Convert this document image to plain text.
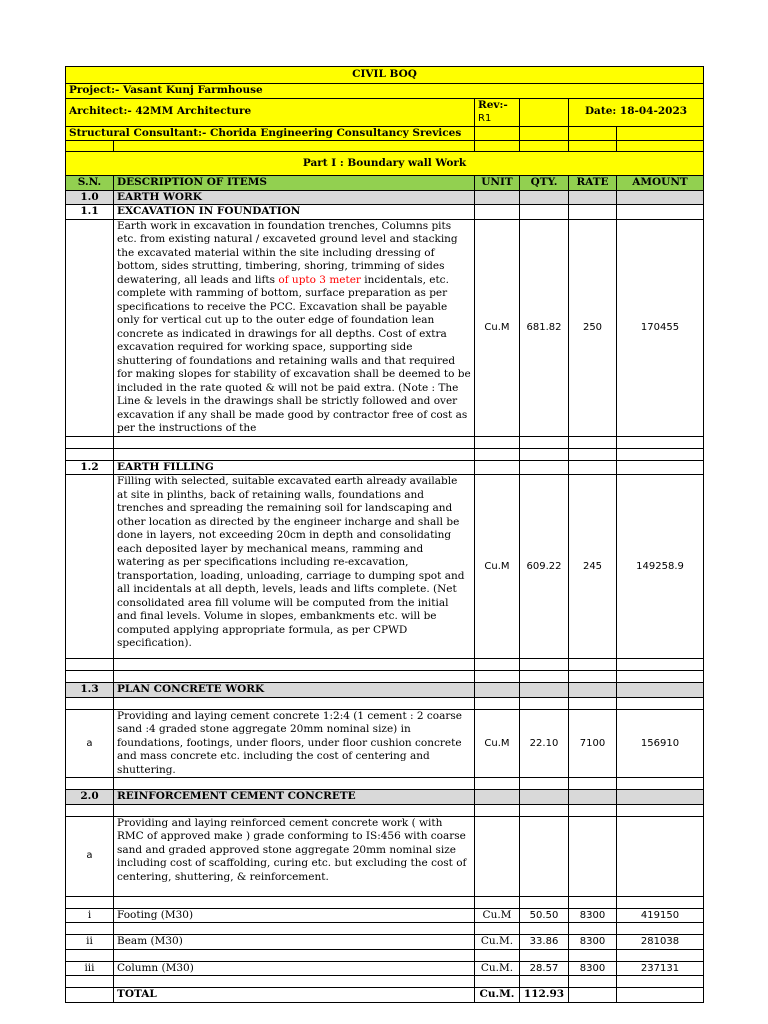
CIVIL BOQ					
Project:- Vasant Kunj Farmhouse					
Architect:- 42MM Architecture		Rev:- R1		Date: 18-04-2023	
Structural Consultant:- Chorida Engineering Consultancy Srevices					

Part I : Boundary wall Work					
S.N.	DESCRIPTION OF ITEMS	UNIT	QTY.	RATE	AMOUNT
1.0	EARTH WORK				
1.1	EXCAVATION IN FOUNDATION				
	Earth work in excavation in foundation trenches, Columns pits etc. from existing natural / excaveted ground level and stacking the excavated material within the site including dressing of bottom, sides strutting, timbering, shoring, trimming of sides dewatering, all leads and lifts of upto 3 meter incidentals, etc. complete with ramming of bottom, surface preparation as per specifications to receive the PCC. Excavation shall be payable only for vertical cut up to the outer edge of foundation lean concrete as indicated in drawings for all depths. Cost of extra excavation required for working space, supporting side shuttering of foundations and retaining walls and that required for making slopes for stability of excavation shall be deemed to be included in the rate quoted & will not be paid extra. (Note : The Line & levels in the drawings shall be strictly followed and over excavation if any shall be made good by contractor free of cost as per the instructions of the	Cu.M	681.82	250	170455

1.2	EARTH FILLING				
	Filling with selected, suitable excavated earth already available at site in plinths, back of retaining walls, foundations and trenches and spreading the remaining soil for landscaping and other location as directed by the engineer incharge and shall be done in layers, not exceeding 20cm in depth and consolidating each deposited layer by mechanical means, ramming and watering as per specifications including re-excavation, transportation, loading, unloading, carriage to dumping spot and all incidentals at all depth, levels, leads and lifts complete. (Net consolidated area fill volume will be computed from the initial and final levels. Volume in slopes, embankments etc. will be computed applying appropriate formula, as per CPWD specification).	Cu.M	609.22	245	149258.9

1.3	PLAN CONCRETE WORK				

a	Providing and laying cement concrete 1:2:4 (1 cement : 2 coarse sand :4 graded stone aggregate 20mm nominal size) in foundations, footings, under floors, under floor cushion concrete and mass concrete etc. including the cost of centering and shuttering.	Cu.M	22.10	7100	156910

2.0	REINFORCEMENT CEMENT CONCRETE				

a	Providing and laying reinforced cement concrete work ( with RMC of approved make ) grade conforming to IS:456 with coarse sand and graded approved stone aggregate 20mm nominal size including cost of scaffolding, curing etc. but excluding the cost of centering, shuttering, & reinforcement.				

i	Footing (M30)	Cu.M	50.50	8300	419150

ii	Beam (M30)	Cu.M.	33.86	8300	281038

iii	Column (M30)	Cu.M.	28.57	8300	237131

	TOTAL	Cu.M.	112.93		
